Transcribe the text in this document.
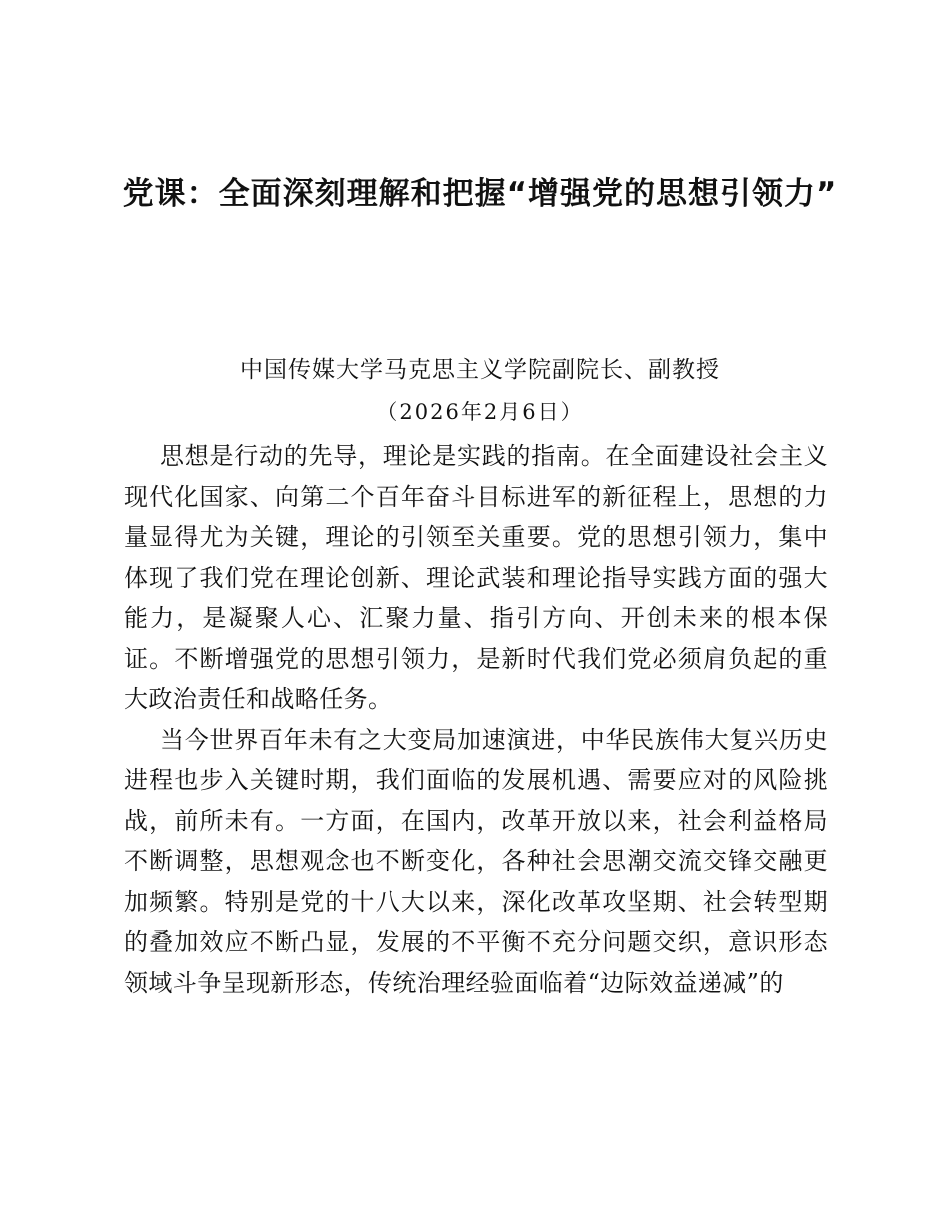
党课：全面深刻理解和把握“增强党的思想引领力”
中国传媒大学马克思主义学院副院长、副教授
（2026年2月6日）

思想是行动的先导，理论是实践的指南。在全面建设社会主义现代化国家、向第二个百年奋斗目标进军的新征程上，思想的力量显得尤为关键，理论的引领至关重要。党的思想引领力，集中体现了我们党在理论创新、理论武装和理论指导实践方面的强大能力，是凝聚人心、汇聚力量、指引方向、开创未来的根本保证。不断增强党的思想引领力，是新时代我们党必须肩负起的重大政治责任和战略任务。

当今世界百年未有之大变局加速演进，中华民族伟大复兴历史进程也步入关键时期，我们面临的发展机遇、需要应对的风险挑战，前所未有。一方面，在国内，改革开放以来，社会利益格局不断调整，思想观念也不断变化，各种社会思潮交流交锋交融更加频繁。特别是党的十八大以来，深化改革攻坚期、社会转型期的叠加效应不断凸显，发展的不平衡不充分问题交织，意识形态领域斗争呈现新形态，传统治理经验面临着“边际效益递减”的
